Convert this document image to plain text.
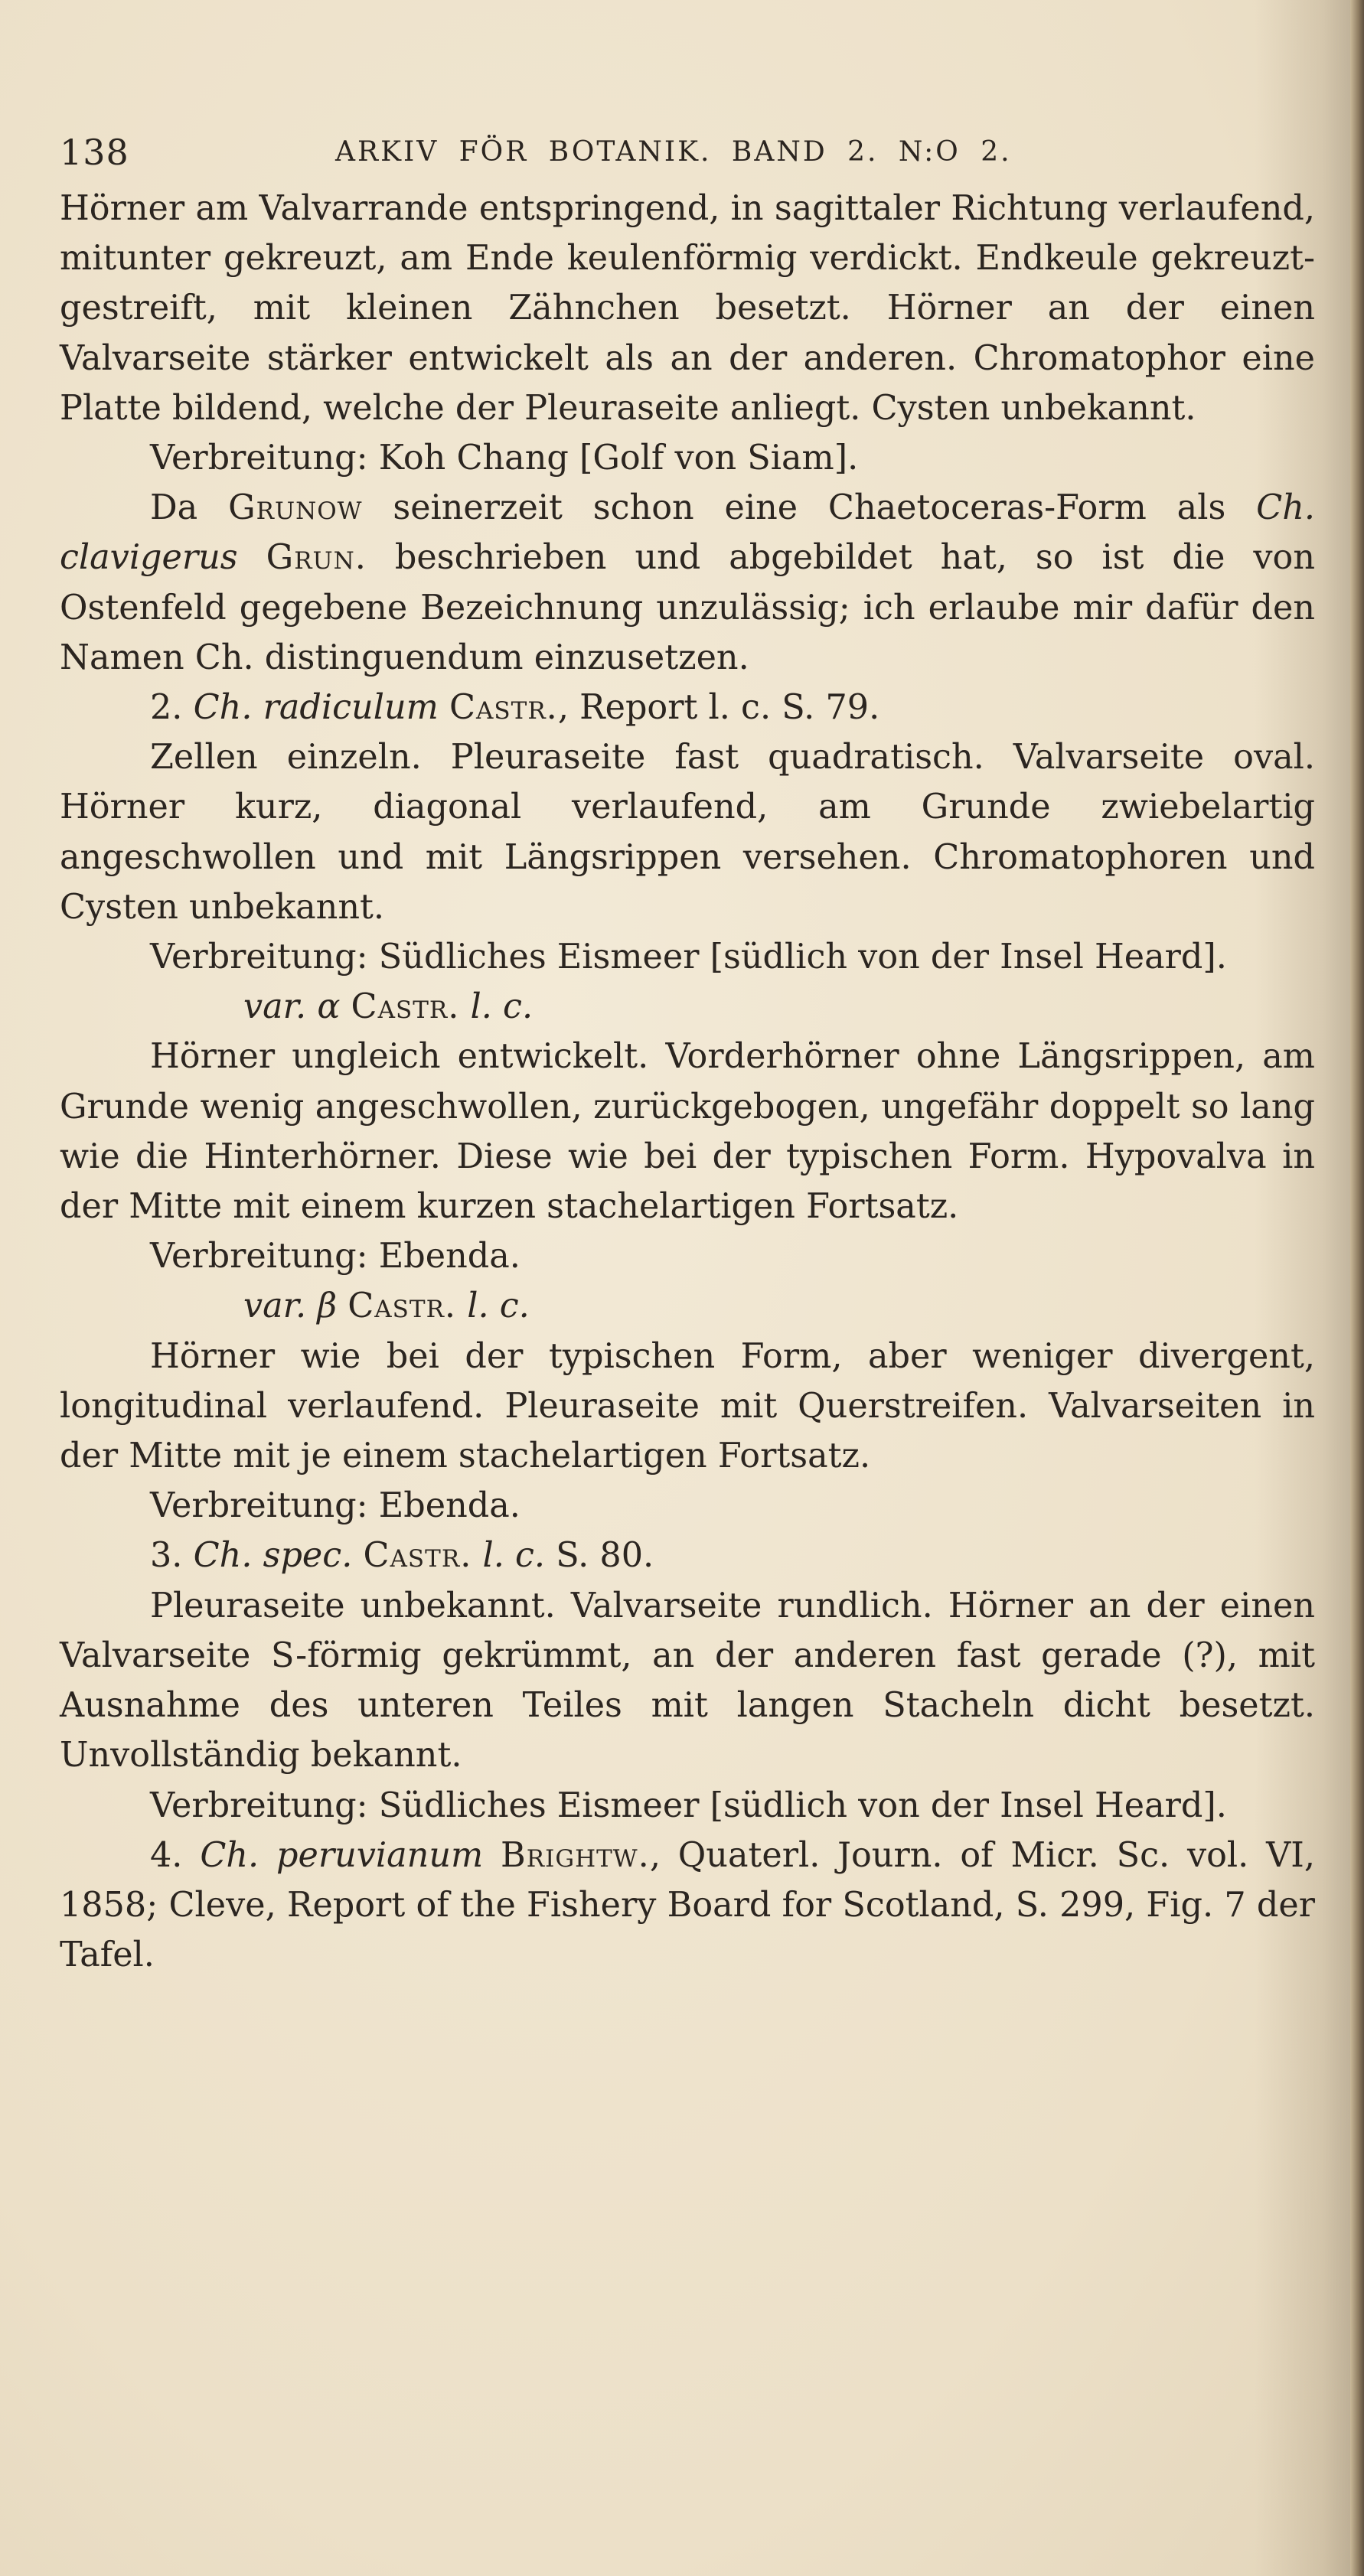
138	ARKIV FÖR BOTANIK. BAND 2. N:O 2.

Hörner am Valvarrande entspringend, in sagittaler Richtung verlaufend, mitunter gekreuzt, am Ende keulenförmig verdickt. Endkeule gekreuzt-gestreift, mit kleinen Zähnchen besetzt. Hörner an der einen Valvarseite stärker entwickelt als an der anderen. Chromatophor eine Platte bildend, welche der Pleuraseite anliegt. Cysten unbekannt.

Verbreitung: Koh Chang [Golf von Siam].

Da Grunow seinerzeit schon eine Chaetoceras-Form als Ch. clavigerus Grun. beschrieben und abgebildet hat, so ist die von Ostenfeld gegebene Bezeichnung unzulässig; ich erlaube mir dafür den Namen Ch. distinguendum einzusetzen.

2. Ch. radiculum Castr., Report l. c. S. 79.

Zellen einzeln. Pleuraseite fast quadratisch. Valvarseite oval. Hörner kurz, diagonal verlaufend, am Grunde zwiebelartig angeschwollen und mit Längsrippen versehen. Chromatophoren und Cysten unbekannt.

Verbreitung: Südliches Eismeer [südlich von der Insel Heard].

var. α Castr. l. c.

Hörner ungleich entwickelt. Vorderhörner ohne Längsrippen, am Grunde wenig angeschwollen, zurückgebogen, ungefähr doppelt so lang wie die Hinterhörner. Diese wie bei der typischen Form. Hypovalva in der Mitte mit einem kurzen stachelartigen Fortsatz.

Verbreitung: Ebenda.

var. β Castr. l. c.

Hörner wie bei der typischen Form, aber weniger divergent, longitudinal verlaufend. Pleuraseite mit Querstreifen. Valvarseiten in der Mitte mit je einem stachelartigen Fortsatz.

Verbreitung: Ebenda.

3. Ch. spec. Castr. l. c. S. 80.

Pleuraseite unbekannt. Valvarseite rundlich. Hörner an der einen Valvarseite S-förmig gekrümmt, an der anderen fast gerade (?), mit Ausnahme des unteren Teiles mit langen Stacheln dicht besetzt. Unvollständig bekannt.

Verbreitung: Südliches Eismeer [südlich von der Insel Heard].

4. Ch. peruvianum Brightw., Quaterl. Journ. of Micr. Sc. vol. VI, 1858; Cleve, Report of the Fishery Board for Scotland, S. 299, Fig. 7 der Tafel.
